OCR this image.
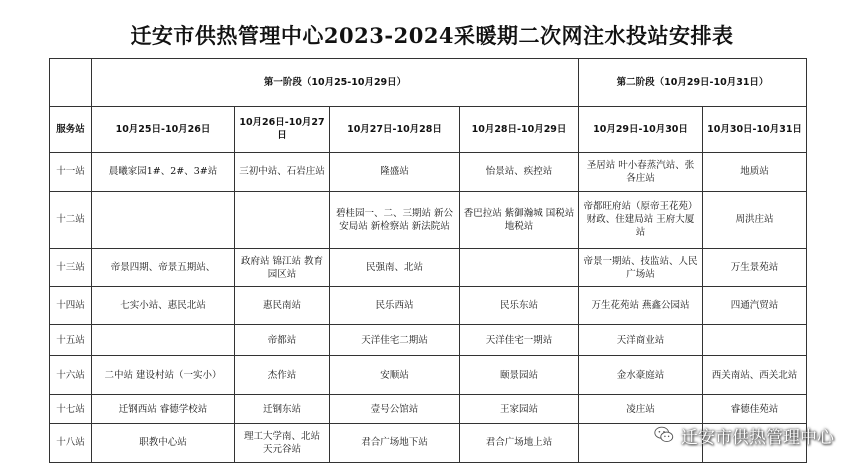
迁安市供热管理中心2023-2024采暖期二次网注水投站安排表
	第一阶段（10月25-10月29日）				第二阶段（10月29日-10月31日）	
服务站	10月25日-10月26日	10月26日-10月27日	10月27日-10月28日	10月28日-10月29日	10月29日-10月30日	10月30日-10月31日
十一站	晨曦家园1#、2#、3#站	三初中站、石岩庄站	隆盛站	怡景站、疾控站	圣居站 叶小春蒸汽站、张各庄站	地质站
十二站			碧桂园一、二、三期站 新公安局站 新检察站 新法院站	香巴拉站 紫御瀚城 国税站 地税站	帝都旺府站（原帝王花苑）财政、住建局站 王府大厦站	周洪庄站
十三站	帝景四期、帝景五期站、	政府站 锦江站 教育园区站	民强南、北站		帝景一期站、技监站、人民广场站	万生景苑站
十四站	七实小站、惠民北站	惠民南站	民乐西站	民乐东站	万生花苑站 燕鑫公园站	四通汽贸站
十五站		帝都站	天洋佳宅二期站	天洋佳宅一期站	天洋商业站	
十六站	二中站 建设村站（一实小）	杰作站	安顺站	颐景园站	金水豪庭站	西关南站、西关北站
十七站	迁钢西站 睿德学校站	迁钢东站	壹号公馆站	王家园站	凌庄站	睿德佳苑站
十八站	职教中心站	理工大学南、北站 天元谷站	君合广场地下站	君合广场地上站			迁安市供热管理中心
